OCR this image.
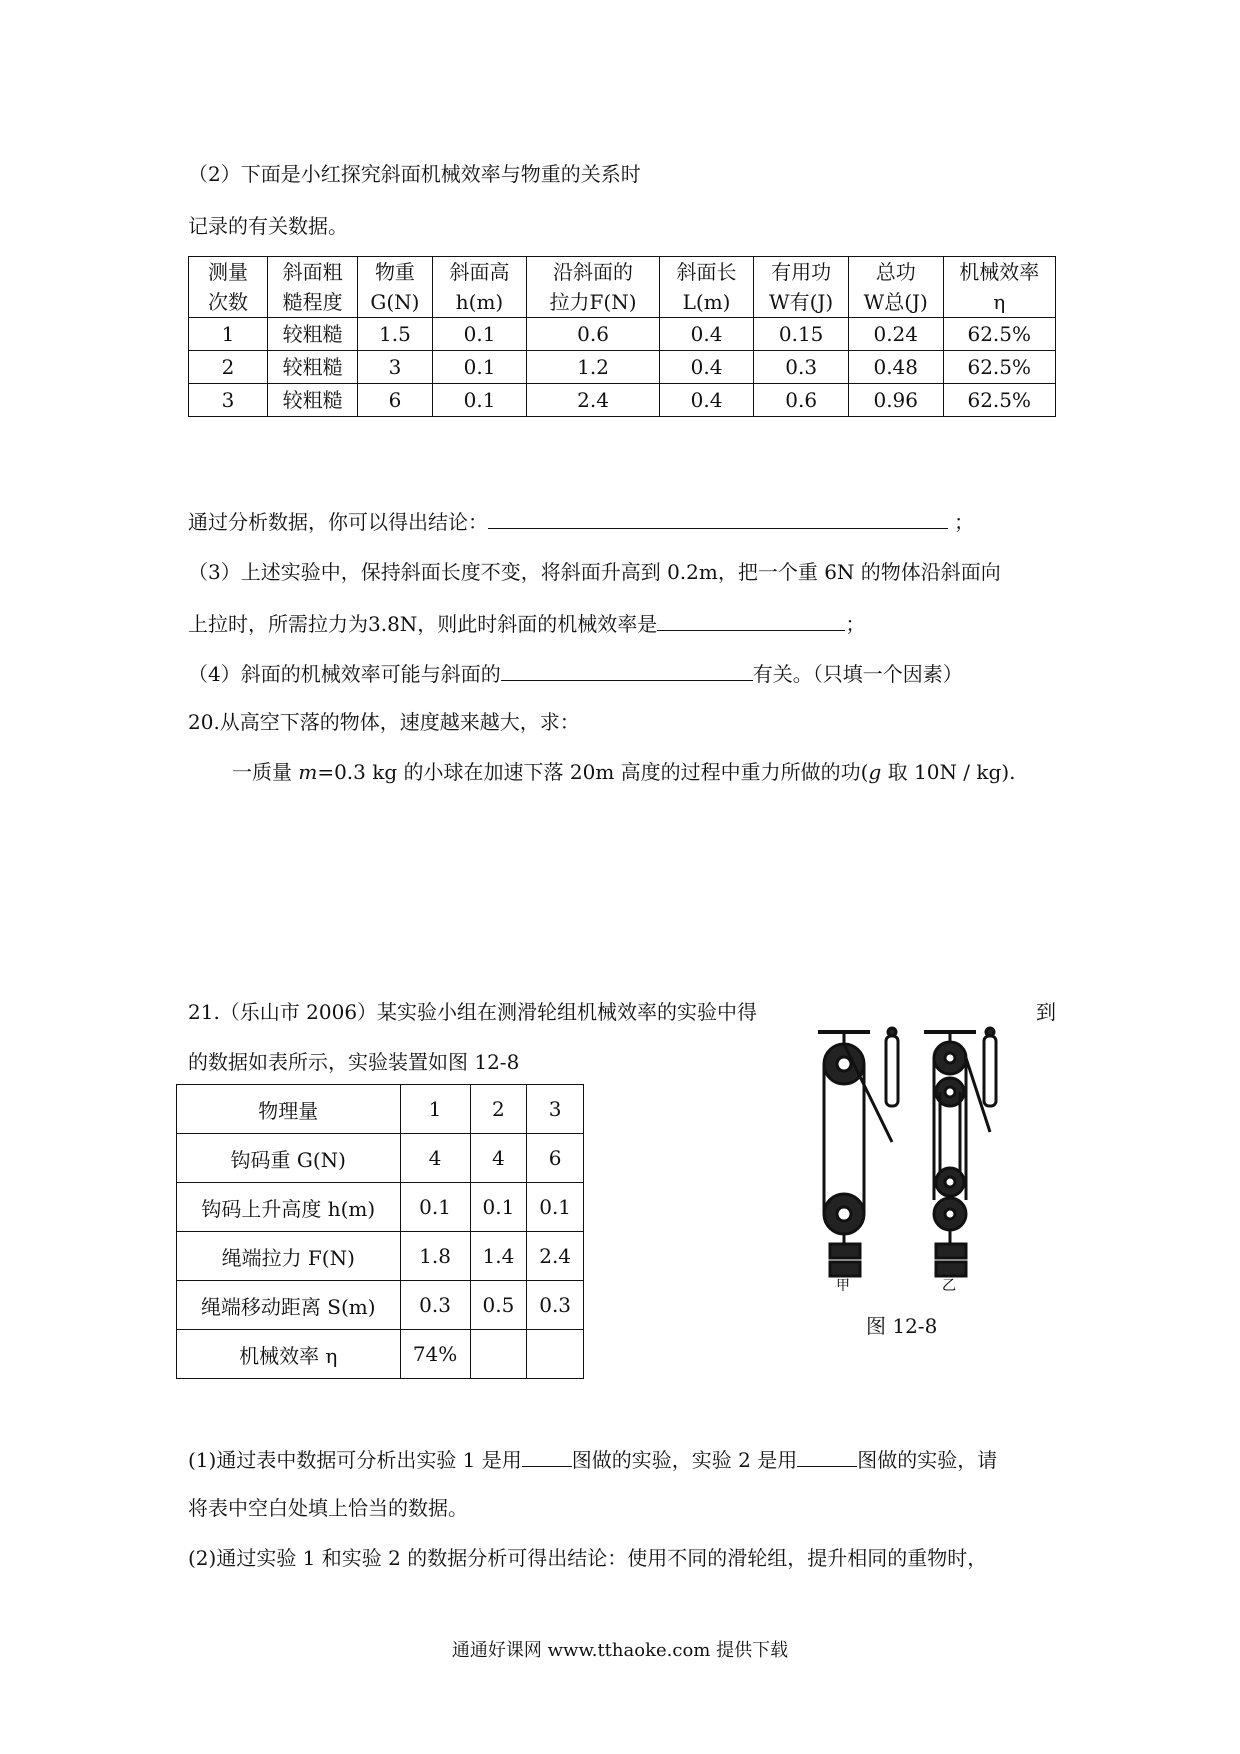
（2）下面是小红探究斜面机械效率与物重的关系时
记录的有关数据。
测量	斜面粗	物重	斜面高	沿斜面的	斜面长	有用功	总功	机械效率
次数	糙程度	G(N)	h(m)	拉力F(N)	L(m)	W有(J)	W总(J)	η
1	较粗糙	1.5	0.1	0.6	0.4	0.15	0.24	62.5%
2	较粗糙	3	0.1	1.2	0.4	0.3	0.48	62.5%
3	较粗糙	6	0.1	2.4	0.4	0.6	0.96	62.5%
通过分析数据，你可以得出结论：	；
（3）上述实验中，保持斜面长度不变，将斜面升高到 0.2m，把一个重 6N 的物体沿斜面向
上拉时，所需拉力为3.8N，则此时斜面的机械效率是	；
（4）斜面的机械效率可能与斜面的	有关。（只填一个因素）
20.从高空下落的物体，速度越来越大，求：
一质量 m=0.3 kg 的小球在加速下落 20m 高度的过程中重力所做的功(g 取 10N / kg).
21.（乐山市 2006）某实验小组在测滑轮组机械效率的实验中得	到
的数据如表所示，实验装置如图 12-8
物理量	1	2	3
钩码重 G(N)	4	4	6
钩码上升高度 h(m)	0.1	0.1	0.1
绳端拉力 F(N)	1.8	1.4	2.4
绳端移动距离 S(m)	0.3	0.5	0.3
机械效率 η	74%		
甲	乙
图 12-8
(1)通过表中数据可分析出实验 1 是用	图做的实验，实验 2 是用	图做的实验，请
将表中空白处填上恰当的数据。
(2)通过实验 1 和实验 2 的数据分析可得出结论：使用不同的滑轮组，提升相同的重物时，
通通好课网 www.tthaoke.com 提供下载
